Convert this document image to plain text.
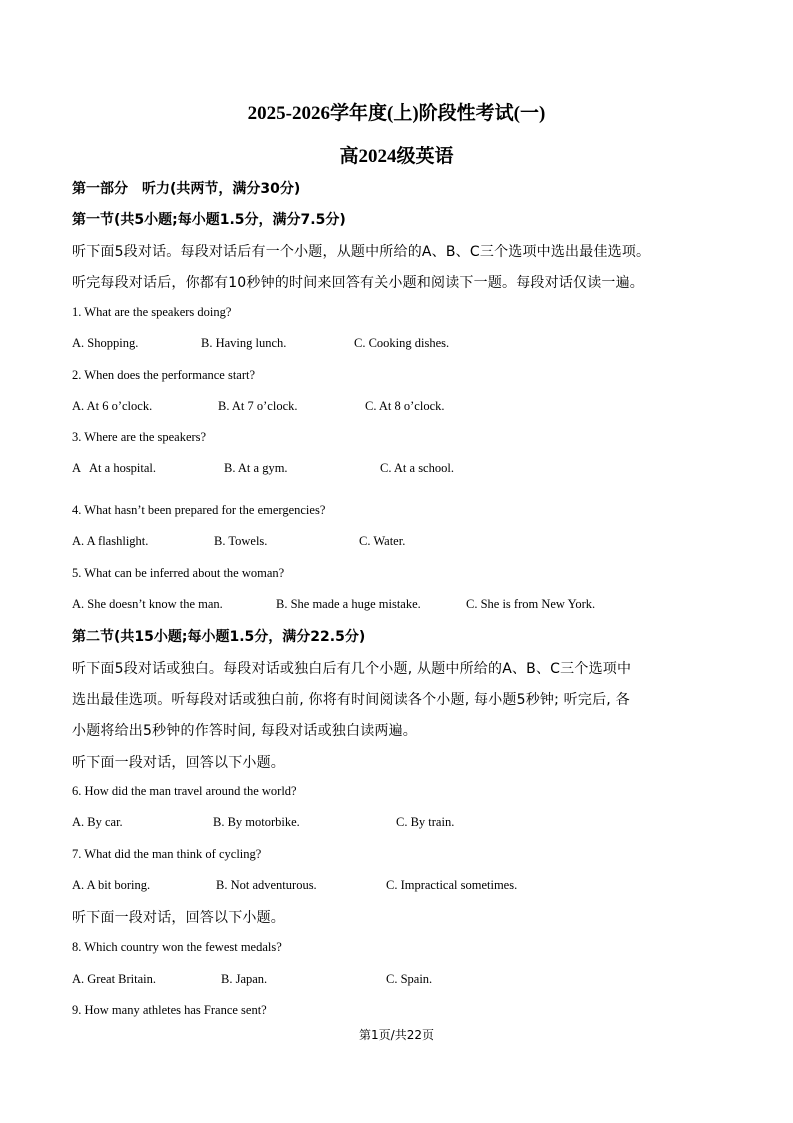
2025-2026学年度(上)阶段性考试(一)
高2024级英语
第一部分　听力(共两节，满分30分)
第一节(共5小题;每小题1.5分，满分7.5分)
听下面5段对话。每段对话后有一个小题，从题中所给的A、B、C三个选项中选出最佳选项。
听完每段对话后，你都有10秒钟的时间来回答有关小题和阅读下一题。每段对话仅读一遍。
1. What are the speakers doing?
A. Shopping.	B. Having lunch.	C. Cooking dishes.
2. When does the performance start?
A. At 6 o’clock.	B. At 7 o’clock.	C. At 8 o’clock.
3. Where are the speakers?
A   At a hospital.	B. At a gym.	C. At a school.
4. What hasn’t been prepared for the emergencies?
A. A flashlight.	B. Towels.	C. Water.
5. What can be inferred about the woman?
A. She doesn’t know the man.	B. She made a huge mistake.	C. She is from New York.
第二节(共15小题;每小题1.5分，满分22.5分)
听下面5段对话或独白。每段对话或独白后有几个小题, 从题中所给的A、B、C三个选项中
选出最佳选项。听每段对话或独白前, 你将有时间阅读各个小题, 每小题5秒钟; 听完后, 各
小题将给出5秒钟的作答时间, 每段对话或独白读两遍。
听下面一段对话，回答以下小题。
6. How did the man travel around the world?
A. By car.	B. By motorbike.	C. By train.
7. What did the man think of cycling?
A. A bit boring.	B. Not adventurous.	C. Impractical sometimes.
听下面一段对话，回答以下小题。
8. Which country won the fewest medals?
A. Great Britain.	B. Japan.	C. Spain.
9. How many athletes has France sent?
第1页/共22页
